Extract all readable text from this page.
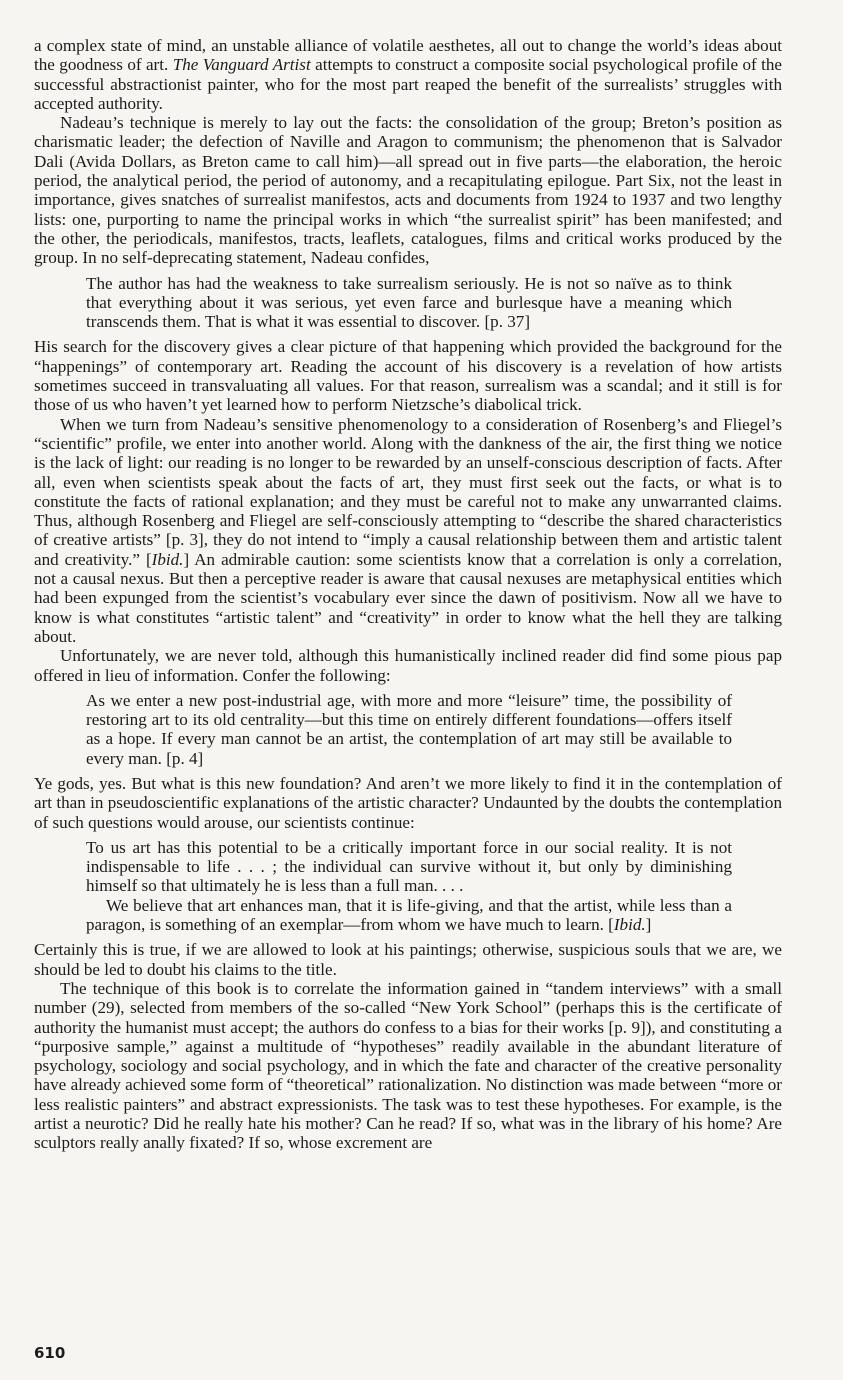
a complex state of mind, an unstable alliance of volatile aesthetes, all out to change the world’s ideas about the goodness of art. The Vanguard Artist attempts to construct a composite social psychological profile of the successful abstractionist painter, who for the most part reaped the benefit of the surrealists’ struggles with accepted authority.

Nadeau’s technique is merely to lay out the facts: the consolidation of the group; Breton’s position as charismatic leader; the defection of Naville and Aragon to communism; the phenomenon that is Salvador Dali (Avida Dollars, as Breton came to call him)—all spread out in five parts—the elaboration, the heroic period, the analytical period, the period of autonomy, and a recapitulating epilogue. Part Six, not the least in importance, gives snatches of surrealist manifestos, acts and documents from 1924 to 1937 and two lengthy lists: one, purporting to name the principal works in which “the surrealist spirit” has been manifested; and the other, the periodicals, manifestos, tracts, leaflets, catalogues, films and critical works produced by the group. In no self-deprecating statement, Nadeau confides,

The author has had the weakness to take surrealism seriously. He is not so naïve as to think that everything about it was serious, yet even farce and burlesque have a meaning which transcends them. That is what it was essential to discover. [p. 37]

His search for the discovery gives a clear picture of that happening which provided the background for the “happenings” of contemporary art. Reading the account of his discovery is a revelation of how artists sometimes succeed in transvaluating all values. For that reason, surrealism was a scandal; and it still is for those of us who haven’t yet learned how to perform Nietzsche’s diabolical trick.

When we turn from Nadeau’s sensitive phenomenology to a consideration of Rosenberg’s and Fliegel’s “scientific” profile, we enter into another world. Along with the dankness of the air, the first thing we notice is the lack of light: our reading is no longer to be rewarded by an unself-conscious description of facts. After all, even when scientists speak about the facts of art, they must first seek out the facts, or what is to constitute the facts of rational explanation; and they must be careful not to make any unwarranted claims. Thus, although Rosenberg and Fliegel are self-consciously attempting to “describe the shared characteristics of creative artists” [p. 3], they do not intend to “imply a causal relationship between them and artistic talent and creativity.” [Ibid.] An admirable caution: some scientists know that a correlation is only a correlation, not a causal nexus. But then a perceptive reader is aware that causal nexuses are metaphysical entities which had been expunged from the scientist’s vocabulary ever since the dawn of positivism. Now all we have to know is what constitutes “artistic talent” and “creativity” in order to know what the hell they are talking about.

Unfortunately, we are never told, although this humanistically inclined reader did find some pious pap offered in lieu of information. Confer the following:

As we enter a new post-industrial age, with more and more “leisure” time, the possibility of restoring art to its old centrality—but this time on entirely different foundations—offers itself as a hope. If every man cannot be an artist, the contemplation of art may still be available to every man. [p. 4]

Ye gods, yes. But what is this new foundation? And aren’t we more likely to find it in the contemplation of art than in pseudoscientific explanations of the artistic character? Undaunted by the doubts the contemplation of such questions would arouse, our scientists continue:

To us art has this potential to be a critically important force in our social reality. It is not indispensable to life . . . ; the individual can survive without it, but only by diminishing himself so that ultimately he is less than a full man. . . .

We believe that art enhances man, that it is life-giving, and that the artist, while less than a paragon, is something of an exemplar—from whom we have much to learn. [Ibid.]

Certainly this is true, if we are allowed to look at his paintings; otherwise, suspicious souls that we are, we should be led to doubt his claims to the title.

The technique of this book is to correlate the information gained in “tandem interviews” with a small number (29), selected from members of the so-called “New York School” (perhaps this is the certificate of authority the humanist must accept; the authors do confess to a bias for their works [p. 9]), and constituting a “purposive sample,” against a multitude of “hypotheses” readily available in the abundant literature of psychology, sociology and social psychology, and in which the fate and character of the creative personality have already achieved some form of “theoretical” rationalization. No distinction was made between “more or less realistic painters” and abstract expressionists. The task was to test these hypotheses. For example, is the artist a neurotic? Did he really hate his mother? Can he read? If so, what was in the library of his home? Are sculptors really anally fixated? If so, whose excrement are

610
